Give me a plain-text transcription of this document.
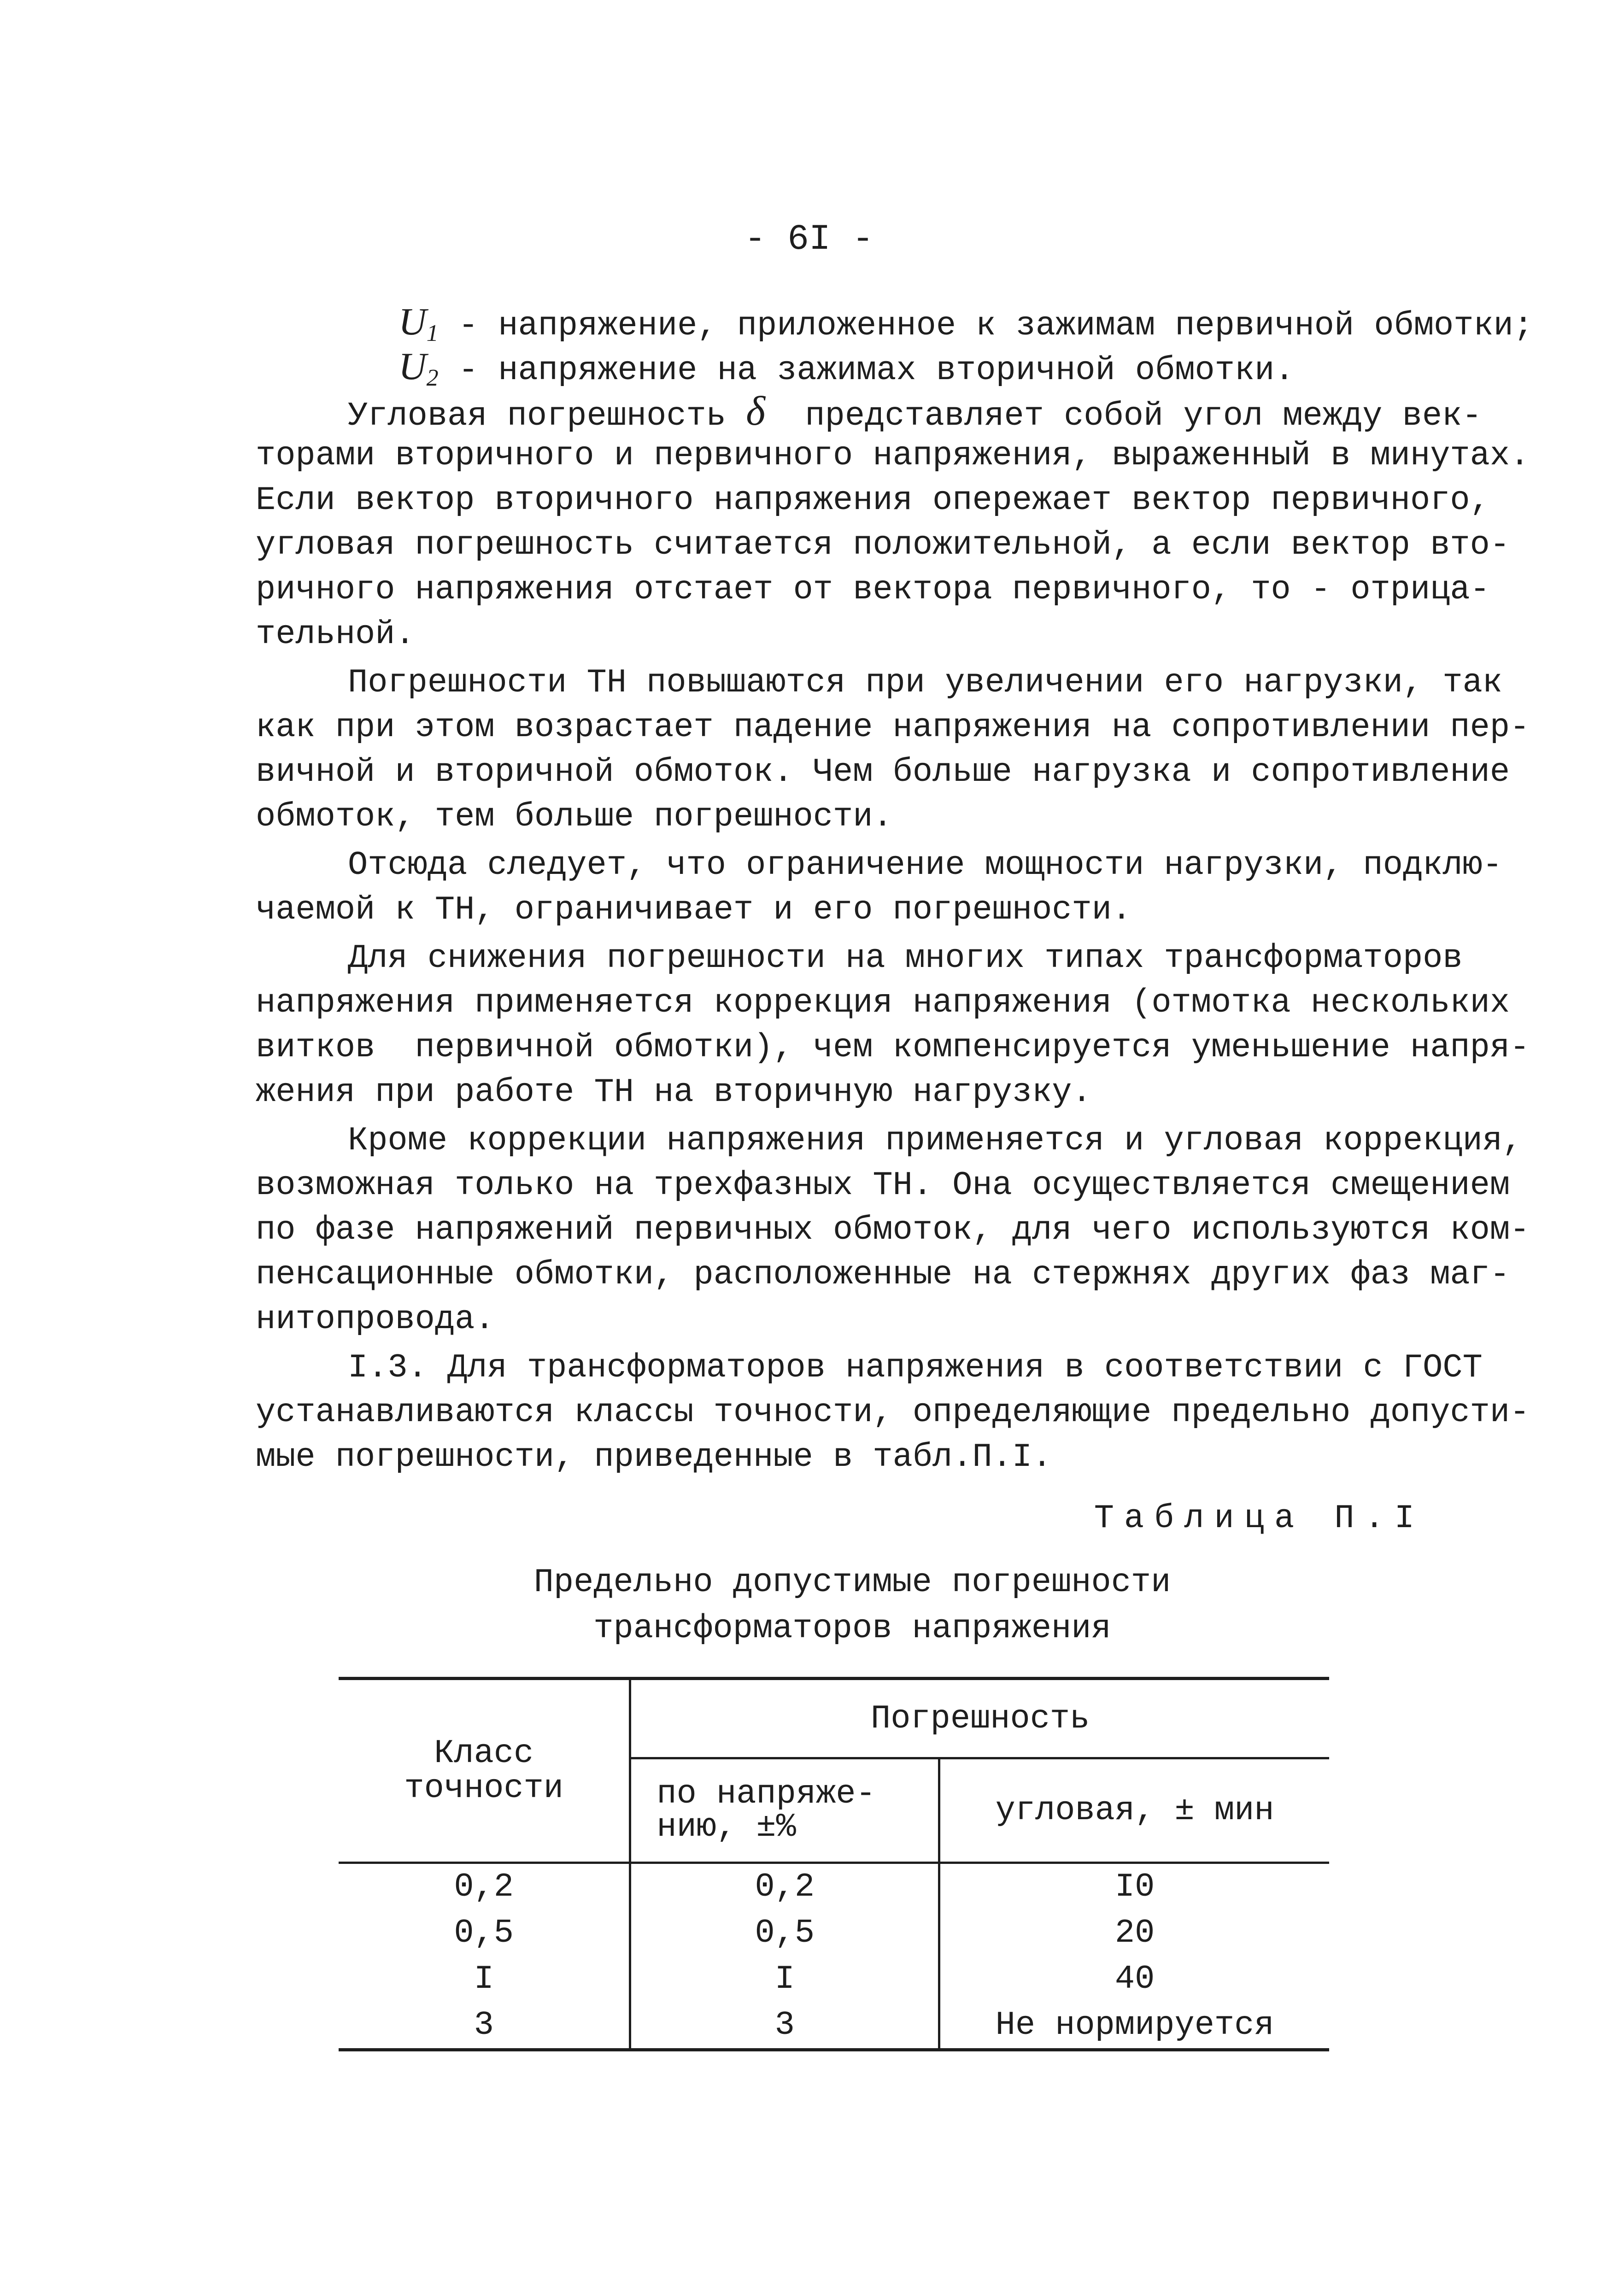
- 6I -
$U_1$ - напряжение, приложенное к зажимам первичной обмотки;
$U_2$ - напряжение на зажимах вторичной обмотки.
Угловая погрешность δ  представляет собой угол между век-
торами вторичного и первичного напряжения, выраженный в минутах.
Если вектор вторичного напряжения опережает вектор первичного,
угловая погрешность считается положительной, а если вектор вто-
ричного напряжения отстает от вектора первичного, то - отрица-
тельной.
Погрешности ТН повышаются при увеличении его нагрузки, так
как при этом возрастает падение напряжения на сопротивлении пер-
вичной и вторичной обмоток. Чем больше нагрузка и сопротивление
обмоток, тем больше погрешности.
Отсюда следует, что ограничение мощности нагрузки, подклю-
чаемой к ТН, ограничивает и его погрешности.
Для снижения погрешности на многих типах трансформаторов
напряжения применяется коррекция напряжения (отмотка нескольких
витков  первичной обмотки), чем компенсируется уменьшение напря-
жения при работе ТН на вторичную нагрузку.
Кроме коррекции напряжения применяется и угловая коррекция,
возможная только на трехфазных ТН. Она осуществляется смещением
по фазе напряжений первичных обмоток, для чего используются ком-
пенсационные обмотки, расположенные на стержнях других фаз маг-
нитопровода.
I.3. Для трансформаторов напряжения в соответствии с ГОСТ
устанавливаются классы точности, определяющие предельно допусти-
мые погрешности, приведенные в табл.П.I.
Таблица П.I
Предельно допустимые погрешности
трансформаторов напряжения
Класс
точности	Погрешность	

	по напряже-
нию, ±%	угловая, ± мин
0,2	0,2	I0
0,5	0,5	20
I	I	40
3	3	Не нормируется
